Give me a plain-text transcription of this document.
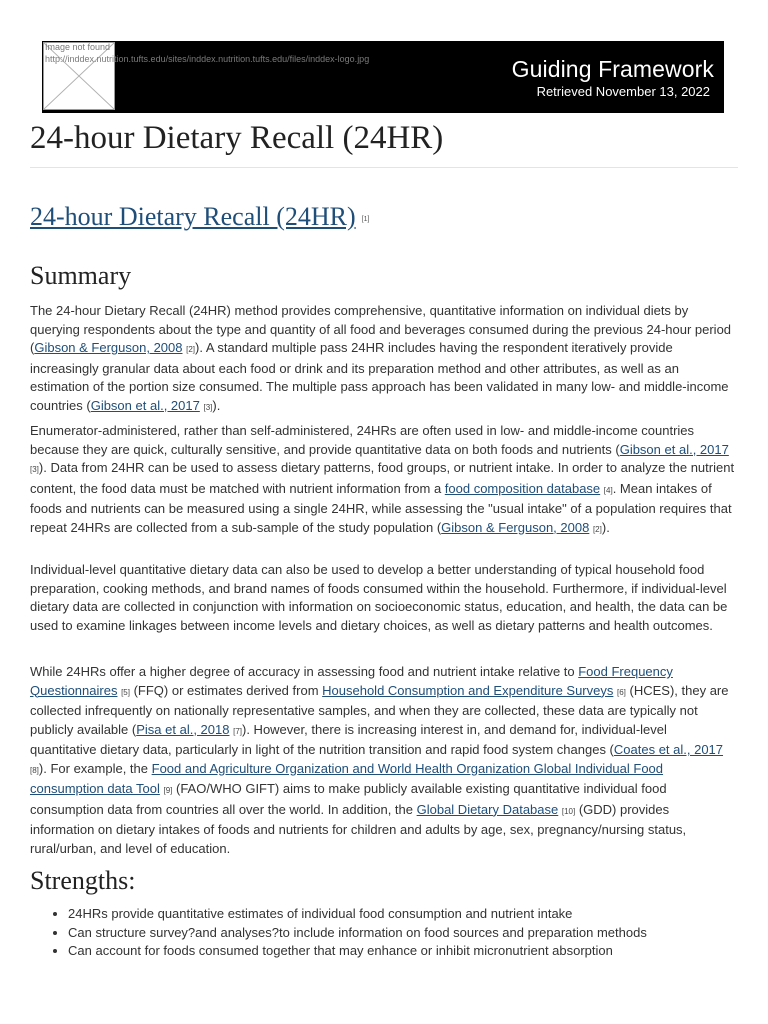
Image not found
http://inddex.nutrition.tufts.edu/sites/inddex.nutrition.tufts.edu/files/inddex-logo.jpg	Guiding Framework
Retrieved November 13, 2022
24-hour Dietary Recall (24HR)
24-hour Dietary Recall (24HR) [1]
Summary

The 24-hour Dietary Recall (24HR) method provides comprehensive, quantitative information on individual diets by querying respondents about the type and quantity of all food and beverages consumed during the previous 24-hour period (Gibson & Ferguson, 2008 [2]). A standard multiple pass 24HR includes having the respondent iteratively provide increasingly granular data about each food or drink and its preparation method and other attributes, as well as an estimation of the portion size consumed. The multiple pass approach has been validated in many low- and middle-income countries (Gibson et al., 2017 [3]).

Enumerator-administered, rather than self-administered, 24HRs are often used in low- and middle-income countries because they are quick, culturally sensitive, and provide quantitative data on both foods and nutrients (Gibson et al., 2017 [3]). Data from 24HR can be used to assess dietary patterns, food groups, or nutrient intake. In order to analyze the nutrient content, the food data must be matched with nutrient information from a food composition database [4]. Mean intakes of foods and nutrients can be measured using a single 24HR, while assessing the "usual intake" of a population requires that repeat 24HRs are collected from a sub-sample of the study population (Gibson & Ferguson, 2008 [2]).

Individual-level quantitative dietary data can also be used to develop a better understanding of typical household food preparation, cooking methods, and brand names of foods consumed within the household. Furthermore, if individual-level dietary data are collected in conjunction with information on socioeconomic status, education, and health, the data can be used to examine linkages between income levels and dietary choices, as well as dietary patterns and health outcomes.

While 24HRs offer a higher degree of accuracy in assessing food and nutrient intake relative to Food Frequency Questionnaires [5] (FFQ) or estimates derived from Household Consumption and Expenditure Surveys [6] (HCES), they are collected infrequently on nationally representative samples, and when they are collected, these data are typically not publicly available (Pisa et al., 2018 [7]). However, there is increasing interest in, and demand for, individual-level quantitative dietary data, particularly in light of the nutrition transition and rapid food system changes (Coates et al., 2017 [8]). For example, the Food and Agriculture Organization and World Health Organization Global Individual Food consumption data Tool [9] (FAO/WHO GIFT) aims to make publicly available existing quantitative individual food consumption data from countries all over the world. In addition, the Global Dietary Database [10] (GDD) provides information on dietary intakes of foods and nutrients for children and adults by age, sex, pregnancy/nursing status, rural/urban, and level of education.

Strengths:
• 24HRs provide quantitative estimates of individual food consumption and nutrient intake
• Can structure survey?and analyses?to include information on food sources and preparation methods
• Can account for foods consumed together that may enhance or inhibit micronutrient absorption
